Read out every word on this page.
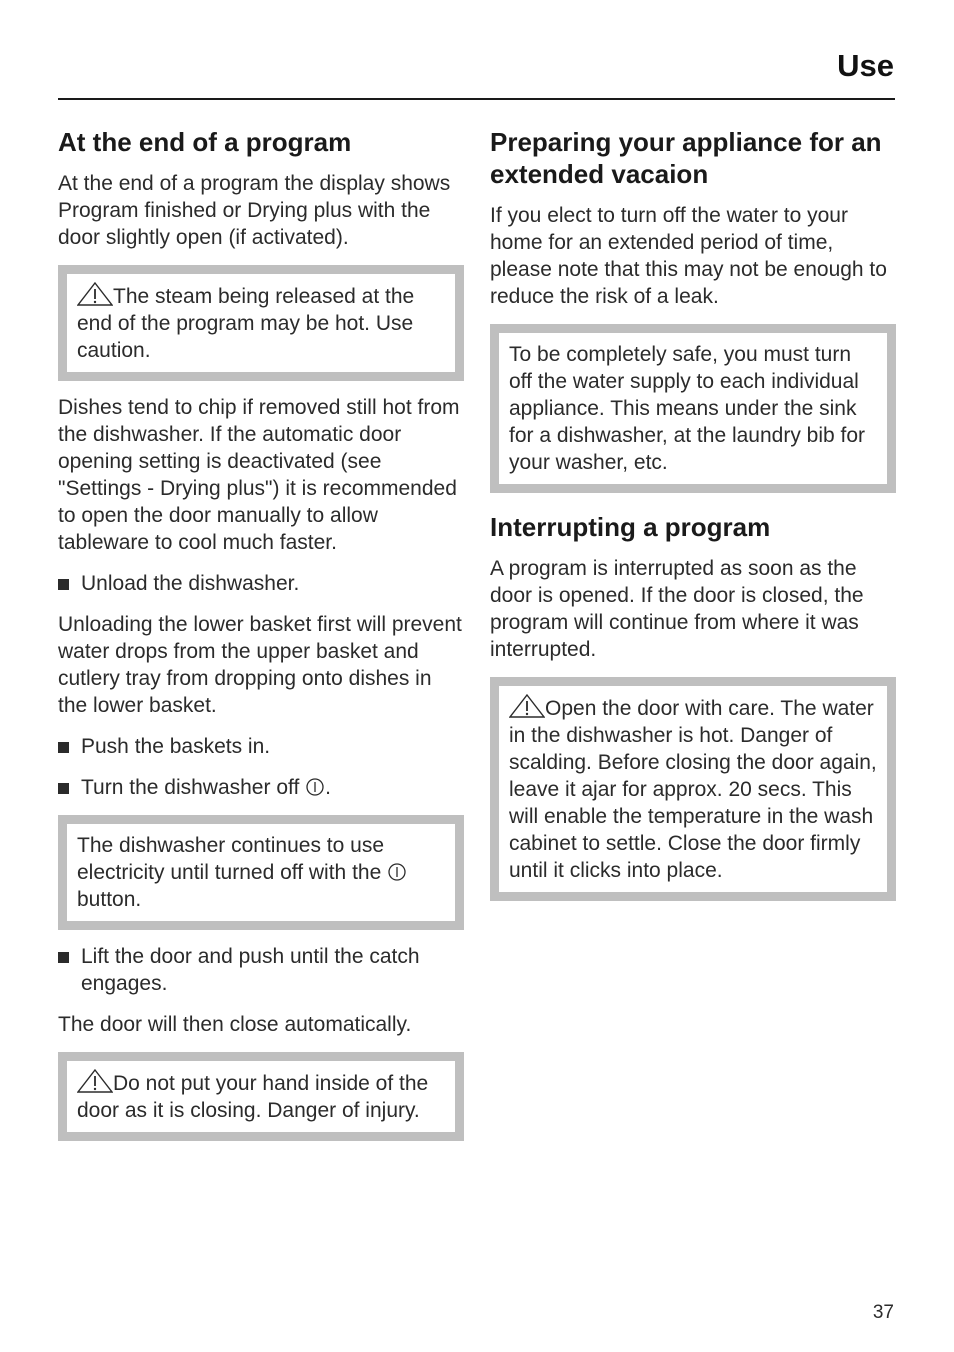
Use
At the end of a program

At the end of a program the display shows Program finished or Drying plus with the door slightly open (if activated).

The steam being released at the end of the program may be hot. Use caution.

Dishes tend to chip if removed still hot from the dishwasher. If the automatic door opening setting is deactivated (see "Settings - Drying plus") it is recommended to open the door manually to allow tableware to cool much faster.

Unload the dishwasher.

Unloading the lower basket first will prevent water drops from the upper basket and cutlery tray from dropping onto dishes in the lower basket.

Push the baskets in.
Turn the dishwasher off .
The dishwasher continues to use electricity until turned off with the  button.
Lift the door and push until the catch engages.

The door will then close automatically.

Do not put your hand inside of the door as it is closing. Danger of injury.
Preparing your appliance for an extended vacaion

If you elect to turn off the water to your home for an extended period of time, please note that this may not be enough to reduce the risk of a leak.

To be completely safe, you must turn off the water supply to each individual appliance. This means under the sink for a dishwasher, at the laundry bib for your washer, etc.
Interrupting a program

A program is interrupted as soon as the door is opened. If the door is closed, the program will continue from where it was interrupted.

Open the door with care. The water in the dishwasher is hot. Danger of scalding. Before closing the door again, leave it ajar for approx. 20 secs. This will enable the temperature in the wash cabinet to settle. Close the door firmly until it clicks into place.
37
